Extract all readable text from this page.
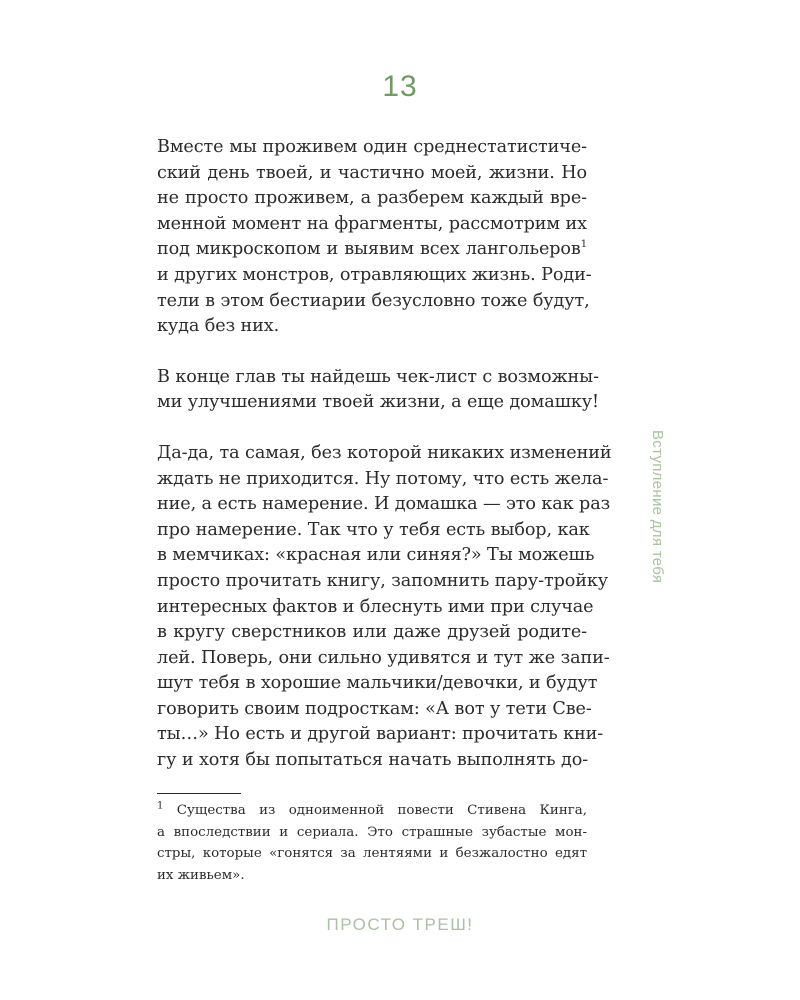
13

Вместе мы проживем один среднестатистиче-
ский день твоей, и частично моей, жизни. Но
не просто проживем, а разберем каждый вре-
менной момент на фрагменты, рассмотрим их
под микроскопом и выявим всех лангольеров$^1$
и других монстров, отравляющих жизнь. Роди-
тели в этом бестиарии безусловно тоже будут,
куда без них.

В конце глав ты найдешь чек-лист с возможны-
ми улучшениями твоей жизни, а еще домашку!

Да-да, та самая, без которой никаких изменений
ждать не приходится. Ну потому, что есть жела-
ние, а есть намерение. И домашка — это как раз
про намерение. Так что у тебя есть выбор, как
в мемчиках: «красная или синяя?» Ты можешь
просто прочитать книгу, запомнить пару-тройку
интересных фактов и блеснуть ими при случае
в кругу сверстников или даже друзей родите-
лей. Поверь, они сильно удивятся и тут же запи-
шут тебя в хорошие мальчики/девочки, и будут
говорить своим подросткам: «А вот у тети Све-
ты…» Но есть и другой вариант: прочитать кни-
гу и хотя бы попытаться начать выполнять до-

$^1$ Существа из одноименной повести Стивена Кинга,
а впоследствии и сериала. Это страшные зубастые мон-
стры, которые «гонятся за лентяями и безжалостно едят
их живьем».
Вступление для тебя
ПРОСТО ТРЕШ!
